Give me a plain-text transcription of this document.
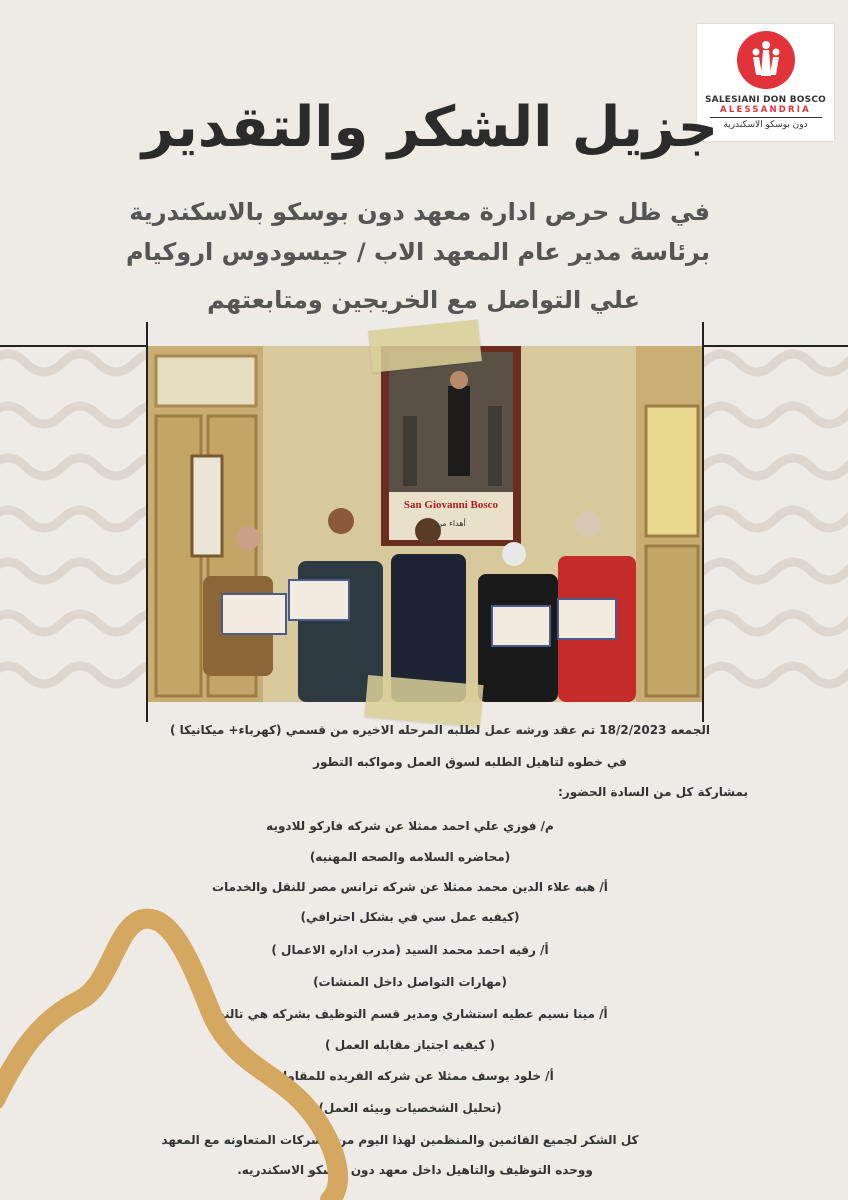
SALESIANI DON BOSCO
ALESSANDRIA
دون بوسكو الاسكندرية
جزيل الشكر والتقدير
في ظل حرص ادارة معهد دون بوسكو بالاسكندرية
برئاسة مدير عام المعهد الاب / جيسودوس اروكيام
علي التواصل مع الخريجين ومتابعتهم
San Giovanni Bosco
أهداء من
الجمعه 18/2/2023 تم عقد ورشه عمل لطلبه المرحله الاخيره من قسمي (كهرباء+ ميكانيكا )
في خطوه لتاهيل الطلبه لسوق العمل ومواكبه التطور
بمشاركة كل من السادة الحضور:
م/ فوزي علي احمد ممثلا عن شركه فاركو للادويه
(محاضره السلامه والصحه المهنيه)
أ/ هبه علاء الدين محمد ممثلا عن شركه ترانس مصر للنقل والخدمات
(كيفيه عمل سي في بشكل احترافي)
أ/ رقيه احمد محمد السيد (مدرب اداره الاعمال )
(مهارات التواصل داخل المنشات)
أ/ مينا نسيم عطيه استشاري ومدير قسم التوظيف بشركه هي تالنت
( كيفيه اجتياز مقابله العمل )
أ/ خلود يوسف ممثلا عن شركه الفريده للمقاولات
(تحليل الشخصيات وبيئه العمل)
كل الشكر لجميع القائمين والمنظمين لهذا اليوم من الشركات المتعاونه مع المعهد
ووحده التوظيف والتاهيل داخل معهد دون بوسكو الاسكندريه.
